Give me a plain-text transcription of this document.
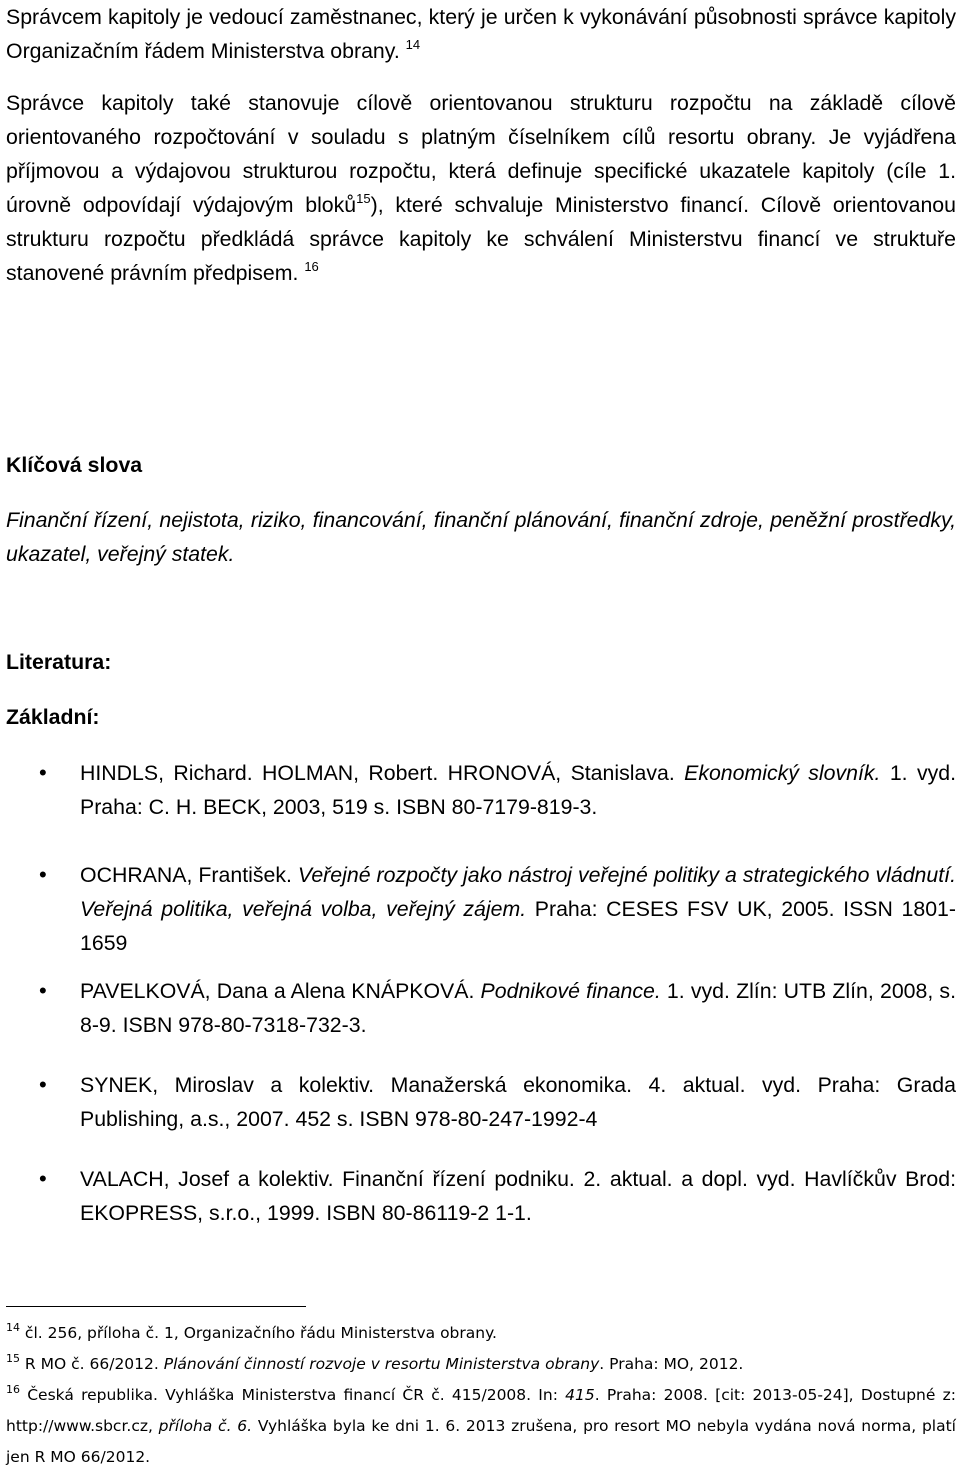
Správcem kapitoly je vedoucí zaměstnanec, který je určen k vykonávání působnosti správce kapitoly Organizačním řádem Ministerstva obrany. $^{14}$

Správce kapitoly také stanovuje cílově orientovanou strukturu rozpočtu na základě cílově orientovaného rozpočtování v souladu s platným číselníkem cílů resortu obrany. Je vyjádřena příjmovou a výdajovou strukturou rozpočtu, která definuje specifické ukazatele kapitoly (cíle 1. úrovně odpovídají výdajovým bloků$^{15}$), které schvaluje Ministerstvo financí. Cílově orientovanou strukturu rozpočtu předkládá správce kapitoly ke schválení Ministerstvu financí ve struktuře stanovené právním předpisem. $^{16}$

Klíčová slova

Finanční řízení, nejistota, riziko, financování, finanční plánování, finanční zdroje, peněžní prostředky, ukazatel, veřejný statek.

Literatura:
Základní:
• HINDLS, Richard. HOLMAN, Robert. HRONOVÁ, Stanislava. Ekonomický slovník. 1. vyd. Praha: C. H. BECK, 2003, 519 s. ISBN 80-7179-819-3.
• OCHRANA, František. Veřejné rozpočty jako nástroj veřejné politiky a strategického vládnutí. Veřejná politika, veřejná volba, veřejný zájem. Praha: CESES FSV UK, 2005. ISSN 1801-1659
• PAVELKOVÁ, Dana a Alena KNÁPKOVÁ. Podnikové finance. 1. vyd. Zlín: UTB Zlín, 2008, s. 8-9. ISBN 978-80-7318-732-3.
• SYNEK, Miroslav a kolektiv. Manažerská ekonomika. 4. aktual. vyd. Praha: Grada Publishing, a.s., 2007. 452 s. ISBN 978-80-247-1992-4
• VALACH, Josef a kolektiv. Finanční řízení podniku. 2. aktual. a dopl. vyd. Havlíčkův Brod: EKOPRESS, s.r.o., 1999. ISBN 80-86119-2 1-1.

$^{14}$ čl. 256, příloha č. 1, Organizačního řádu Ministerstva obrany.

$^{15}$ R MO č. 66/2012. Plánování činností rozvoje v resortu Ministerstva obrany. Praha: MO, 2012.

$^{16}$ Česká republika. Vyhláška Ministerstva financí ČR č. 415/2008. In: 415. Praha: 2008. [cit: 2013-05-24], Dostupné z: http://www.sbcr.cz, příloha č. 6. Vyhláška byla ke dni 1. 6. 2013 zrušena, pro resort MO nebyla vydána nová norma, platí jen R MO 66/2012.
